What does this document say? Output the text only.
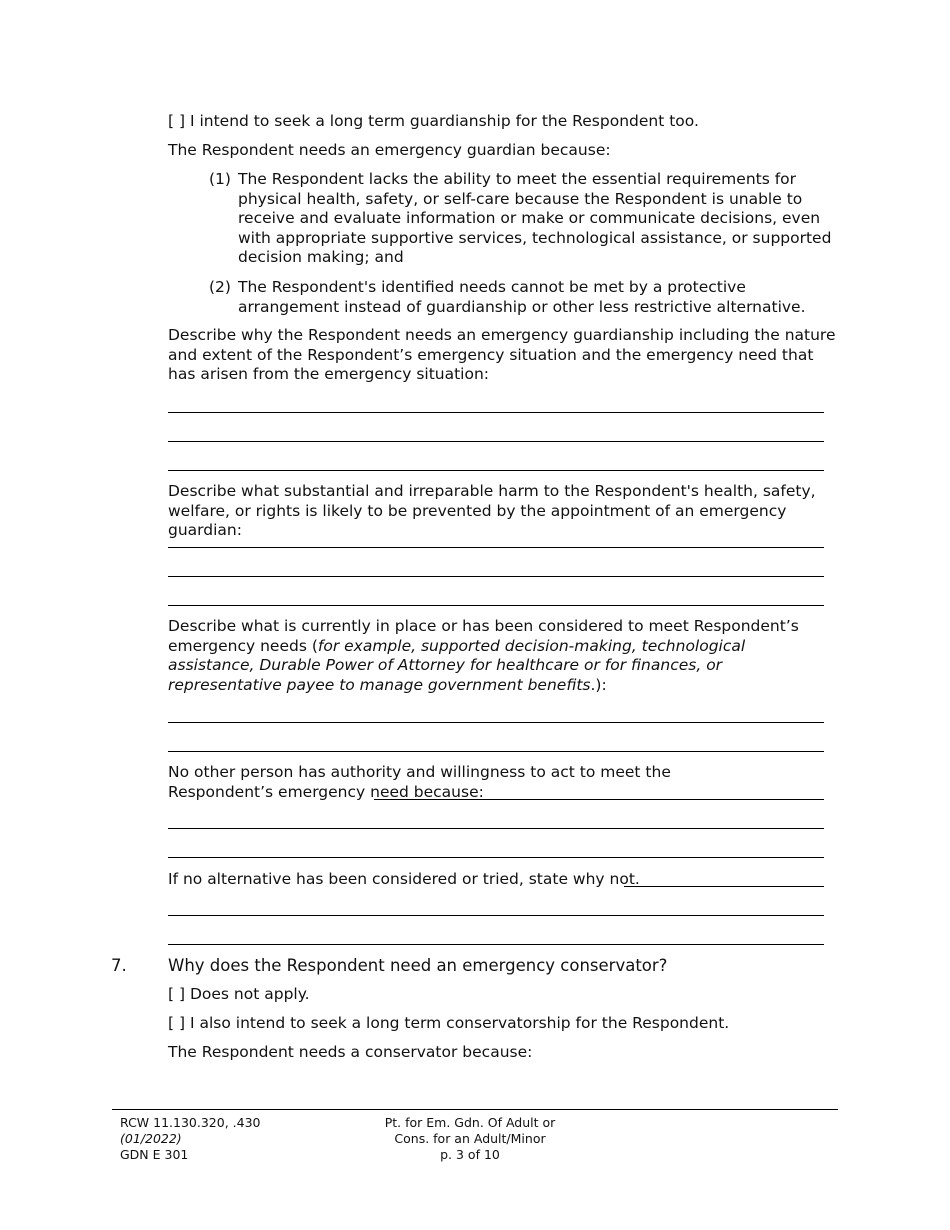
[ ] I intend to seek a long term guardianship for the Respondent too.
The Respondent needs an emergency guardian because:
(1) The Respondent lacks the ability to meet the essential requirements for physical health, safety, or self-care because the Respondent is unable to receive and evaluate information or make or communicate decisions, even with appropriate supportive services, technological assistance, or supported decision making; and
(2) The Respondent's identified needs cannot be met by a protective arrangement instead of guardianship or other less restrictive alternative.
Describe why the Respondent needs an emergency guardianship including the nature and extent of the Respondent’s emergency situation and the emergency need that has arisen from the emergency situation:
Describe what substantial and irreparable harm to the Respondent's health, safety, welfare, or rights is likely to be prevented by the appointment of an emergency guardian:
Describe what is currently in place or has been considered to meet Respondent’s emergency needs (for example, supported decision-making, technological assistance, Durable Power of Attorney for healthcare or for finances, or representative payee to manage government benefits.):
No other person has authority and willingness to act to meet the Respondent’s emergency need because:
If no alternative has been considered or tried, state why not.
7.	Why does the Respondent need an emergency conservator?
[ ] Does not apply.
[ ] I also intend to seek a long term conservatorship for the Respondent.
The Respondent needs a conservator because:
RCW 11.130.320, .430
(01/2022)
GDN E 301
Pt. for Em. Gdn. Of Adult or
Cons. for an Adult/Minor
p. 3 of 10
